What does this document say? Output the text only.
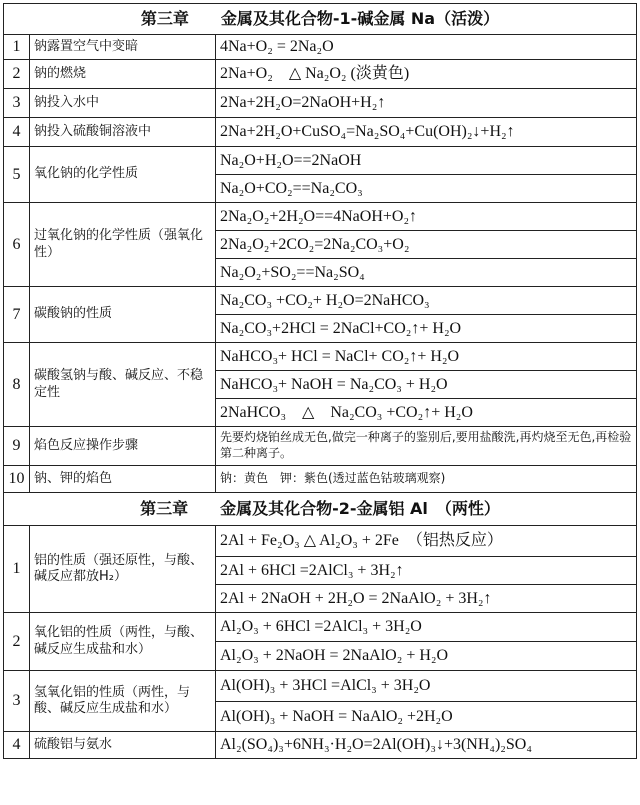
第三章　　金属及其化合物-1-碱金属 Na（活泼）		
1	钠露置空气中变暗	4Na+O₂ = 2Na₂O
2	钠的燃烧	2Na+O₂　△ Na₂O₂ (淡黄色)
3	钠投入水中	2Na+2H₂O=2NaOH+H₂↑
4	钠投入硫酸铜溶液中	2Na+2H₂O+CuSO₄=Na₂SO₄+Cu(OH)₂↓+H₂↑
5	氧化钠的化学性质	Na₂O+H₂O==2NaOH
		Na₂O+CO₂==Na₂CO₃
6	过氧化钠的化学性质（强氧化性）	2Na₂O₂+2H₂O==4NaOH+O₂↑
		2Na₂O₂+2CO₂=2Na₂CO₃+O₂
		Na₂O₂+SO₂==Na₂SO₄
7	碳酸钠的性质	Na₂CO₃ +CO₂+ H₂O=2NaHCO₃
		Na₂CO₃+2HCl = 2NaCl+CO₂↑+ H₂O
8	碳酸氢钠与酸、碱反应、不稳定性	NaHCO₃+ HCl = NaCl+ CO₂↑+ H₂O
		NaHCO₃+ NaOH = Na₂CO₃ + H₂O
		2NaHCO₃　△　Na₂CO₃ +CO₂↑+ H₂O
9	焰色反应操作步骤	先要灼烧铂丝成无色,做完一种离子的鉴别后,要用盐酸洗,再灼烧至无色,再检验第二种离子。
10	钠、钾的焰色	钠：黄色　钾：紫色(透过蓝色钴玻璃观察)
第三章　　金属及其化合物-2-金属铝 Al　（两性）		
1	铝的性质（强还原性，与酸、碱反应都放H₂）	2Al + Fe₂O₃ △ Al₂O₃ + 2Fe　（铝热反应）
		2Al + 6HCl =2AlCl₃ + 3H₂↑
		2Al + 2NaOH + 2H₂O = 2NaAlO₂ + 3H₂↑
2	氧化铝的性质（两性，与酸、碱反应生成盐和水）	Al₂O₃ + 6HCl =2AlCl₃ + 3H₂O
		Al₂O₃ + 2NaOH = 2NaAlO₂ + H₂O
3	氢氧化铝的性质（两性，与酸、碱反应生成盐和水）	Al(OH)₃ + 3HCl =AlCl₃ + 3H₂O
		Al(OH)₃ + NaOH = NaAlO₂ +2H₂O
4	硫酸铝与氨水	Al₂(SO₄)₃+6NH₃·H₂O=2Al(OH)₃↓+3(NH₄)₂SO₄
